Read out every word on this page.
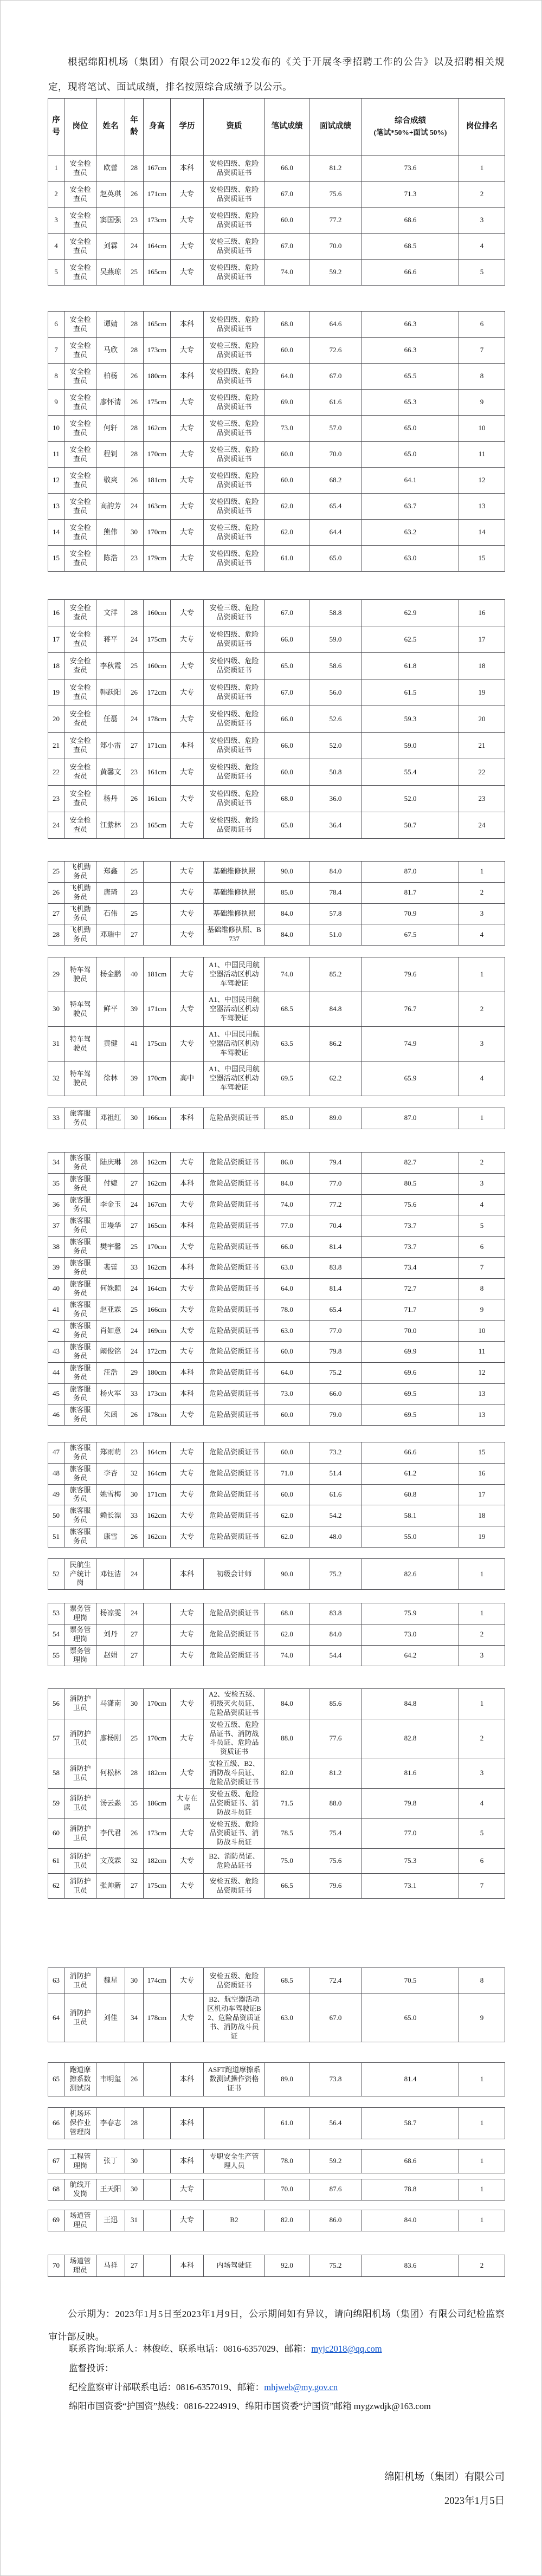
根据绵阳机场（集团）有限公司2022年12发布的《关于开展冬季招聘工作的公告》以及招聘相关规定，现将笔试、面试成绩，排名按照综合成绩予以公示。

序号	岗位	姓名	年龄	身高	学历	资质	笔试成绩	面试成绩	综合成绩
(笔试*50%+面试 50%)	岗位排名

1	安全检查员	欧蕾	28	167cm	本科	安检四级、危险品资质证书	66.0	81.2	73.6	1
2	安全检查员	赵英琪	26	171cm	大专	安检四级、危险品资质证书	67.0	75.6	71.3	2
3	安全检查员	窦国强	23	173cm	大专	安检四级、危险品资质证书	60.0	77.2	68.6	3
4	安全检查员	刘霖	24	164cm	大专	安检三级、危险品资质证书	67.0	70.0	68.5	4
5	安全检查员	吴燕琼	25	165cm	大专	安检四级、危险品资质证书	74.0	59.2	66.6	5
6	安全检查员	谭婧	28	165cm	本科	安检四级、危险品资质证书	68.0	64.6	66.3	6
7	安全检查员	马欣	28	173cm	大专	安检三级、危险品资质证书	60.0	72.6	66.3	7
8	安全检查员	柏杨	26	180cm	本科	安检四级、危险品资质证书	64.0	67.0	65.5	8
9	安全检查员	廖怀清	26	175cm	大专	安检四级、危险品资质证书	69.0	61.6	65.3	9
10	安全检查员	何轩	28	162cm	大专	安检三级、危险品资质证书	73.0	57.0	65.0	10
11	安全检查员	程钊	28	170cm	大专	安检三级、危险品资质证书	60.0	70.0	65.0	11
12	安全检查员	敬爽	26	181cm	大专	安检四级、危险品资质证书	60.0	68.2	64.1	12
13	安全检查员	高韵芳	24	163cm	大专	安检四级、危险品资质证书	62.0	65.4	63.7	13
14	安全检查员	熊伟	30	170cm	大专	安检三级、危险品资质证书	62.0	64.4	63.2	14
15	安全检查员	陈浩	23	179cm	大专	安检四级、危险品资质证书	61.0	65.0	63.0	15
16	安全检查员	文洋	28	160cm	大专	安检三级、危险品资质证书	67.0	58.8	62.9	16
17	安全检查员	蒋平	24	175cm	大专	安检四级、危险品资质证书	66.0	59.0	62.5	17
18	安全检查员	李秋霞	25	160cm	大专	安检四级、危险品资质证书	65.0	58.6	61.8	18
19	安全检查员	韩跃阳	26	172cm	大专	安检四级、危险品资质证书	67.0	56.0	61.5	19
20	安全检查员	任磊	24	178cm	大专	安检四级、危险品资质证书	66.0	52.6	59.3	20
21	安全检查员	郑小雷	27	171cm	本科	安检四级、危险品资质证书	66.0	52.0	59.0	21
22	安全检查员	黄馨文	23	161cm	大专	安检四级、危险品资质证书	60.0	50.8	55.4	22
23	安全检查员	杨丹	26	161cm	大专	安检四级、危险品资质证书	68.0	36.0	52.0	23
24	安全检查员	江紫林	23	165cm	大专	安检四级、危险品资质证书	65.0	36.4	50.7	24
25	飞机勤务员	郑鑫	25		大专	基础维修执照	90.0	84.0	87.0	1
26	飞机勤务员	唐琦	23		大专	基础维修执照	85.0	78.4	81.7	2
27	飞机勤务员	石伟	25		大专	基础维修执照	84.0	57.8	70.9	3
28	飞机勤务员	邓瑞中	27		大专	基础维修执照、B737	84.0	51.0	67.5	4
29	特车驾驶员	杨金鹏	40	181cm	大专	A1、中国民用航空器活动区机动车驾驶证	74.0	85.2	79.6	1
30	特车驾驶员	鲜平	39	171cm	大专	A1、中国民用航空器活动区机动车驾驶证	68.5	84.8	76.7	2
31	特车驾驶员	黄健	41	175cm	大专	A1、中国民用航空器活动区机动车驾驶证	63.5	86.2	74.9	3
32	特车驾驶员	徐林	39	170cm	高中	A1、中国民用航空器活动区机动车驾驶证	69.5	62.2	65.9	4
33	旅客服务员	邓祖红	30	166cm	本科	危险品资质证书	85.0	89.0	87.0	1
34	旅客服务员	陆庆琳	28	162cm	大专	危险品资质证书	86.0	79.4	82.7	2
35	旅客服务员	付婕	27	162cm	本科	危险品资质证书	84.0	77.0	80.5	3
36	旅客服务员	李金玉	24	167cm	大专	危险品资质证书	74.0	77.2	75.6	4
37	旅客服务员	田墁华	27	165cm	本科	危险品资质证书	77.0	70.4	73.7	5
38	旅客服务员	樊宇馨	25	170cm	大专	危险品资质证书	66.0	81.4	73.7	6
39	旅客服务员	裴蕾	33	162cm	本科	危险品资质证书	63.0	83.8	73.4	7
40	旅客服务员	何姝颖	24	164cm	大专	危险品资质证书	64.0	81.4	72.7	8
41	旅客服务员	赵亚霖	25	166cm	大专	危险品资质证书	78.0	65.4	71.7	9
42	旅客服务员	肖如意	24	169cm	大专	危险品资质证书	63.0	77.0	70.0	10
43	旅客服务员	阚俊铭	24	172cm	大专	危险品资质证书	60.0	79.8	69.9	11
44	旅客服务员	汪浩	29	180cm	本科	危险品资质证书	64.0	75.2	69.6	12
45	旅客服务员	杨火军	33	173cm	本科	危险品资质证书	73.0	66.0	69.5	13
46	旅客服务员	朱函	26	178cm	大专	危险品资质证书	60.0	79.0	69.5	13
47	旅客服务员	郑雨萌	23	164cm	大专	危险品资质证书	60.0	73.2	66.6	15
48	旅客服务员	李杏	32	164cm	大专	危险品资质证书	71.0	51.4	61.2	16
49	旅客服务员	姚雪梅	30	171cm	大专	危险品资质证书	60.0	61.6	60.8	17
50	旅客服务员	赖长漂	33	162cm	大专	危险品资质证书	62.0	54.2	58.1	18
51	旅客服务员	康雪	26	162cm	大专	危险品资质证书	62.0	48.0	55.0	19
52	民航生产统计岗	邓钰洁	24		本科	初级会计师	90.0	75.2	82.6	1
53	票务管理岗	杨凉雯	24		大专	危险品资质证书	68.0	83.8	75.9	1
54	票务管理岗	刘丹	27		大专	危险品资质证书	62.0	84.0	73.0	2
55	票务管理岗	赵娟	27		大专	危险品资质证书	74.0	54.4	64.2	3
56	消防护卫员	马潇南	30	170cm	大专	A2、安检五级、初级灭火员证、危险品资质证书	84.0	85.6	84.8	1
57	消防护卫员	廖杨刚	25	170cm	大专	安检五级、危险品证书、消防战斗员证、危险品资质证书	88.0	77.6	82.8	2
58	消防护卫员	何松林	28	182cm	大专	安检五级、B2、消防战斗员证、危险品资质证书	82.0	81.2	81.6	3
59	消防护卫员	汤云淼	35	186cm	大专在读	安检五级、危险品资质证书、消防战斗员证	71.5	88.0	79.8	4
60	消防护卫员	李代君	26	173cm	大专	安检五级、危险品资质证书、消防战斗员证	78.5	75.4	77.0	5
61	消防护卫员	文茂霖	32	182cm	大专	B2、消防员证、危险品证书	75.0	75.6	75.3	6
62	消防护卫员	张帅新	27	175cm	大专	安检五级、危险品资质证书	66.5	79.6	73.1	7
63	消防护卫员	魏星	30	174cm	大专	安检五级、危险品资质证书	68.5	72.4	70.5	8
64	消防护卫员	刘佳	34	178cm	大专	B2、航空器活动区机动车驾驶证B2、危险品资质证书、消防战斗员证	63.0	67.0	65.0	9
65	跑道摩擦系数测试岗	韦明玺	26		本科	ASFT跑道摩擦系数测试操作资格证书	89.0	73.8	81.4	1
66	机场环保作业管理岗	李春志	28		本科		61.0	56.4	58.7	1
67	工程管理岗	张丁	30		本科	专职安全生产管理人员	78.0	59.2	68.6	1
68	航线开发岗	王天阳	30		大专		70.0	87.6	78.8	1
69	场道管理员	王迅	31		大专	B2	82.0	86.0	84.0	1
70	场道管理员	马祥	27		本科	内场驾驶证	92.0	75.2	83.6	2

公示期为：2023年1月5日至2023年1月9日，公示期间如有异议，请向绵阳机场（集团）有限公司纪检监察审计部反映。

联系咨询:联系人：林俊屹、联系电话：0816-6357029、邮箱：myjc2018@qq.com
监督投诉：
纪检监察审计部联系电话：0816-6357019、邮箱：mhjweb@my.gov.cn
绵阳市国资委“护国资”热线：0816-2224919、绵阳市国资委“护国资”邮箱 mygzwdjk@163.com
绵阳机场（集团）有限公司
2023年1月5日
